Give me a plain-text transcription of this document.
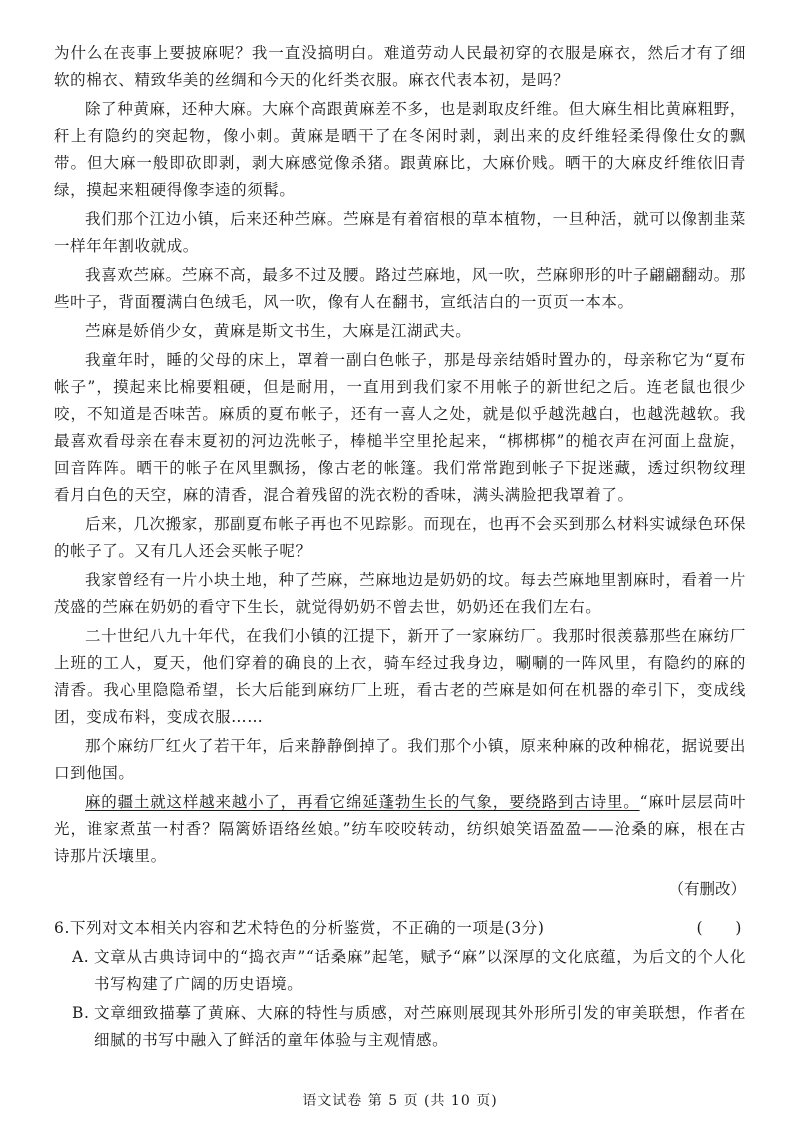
为什么在丧事上要披麻呢？我一直没搞明白。难道劳动人民最初穿的衣服是麻衣，然后才有了细软的棉衣、精致华美的丝绸和今天的化纤类衣服。麻衣代表本初，是吗？

除了种黄麻，还种大麻。大麻个高跟黄麻差不多，也是剥取皮纤维。但大麻生相比黄麻粗野，秆上有隐约的突起物，像小刺。黄麻是晒干了在冬闲时剥，剥出来的皮纤维轻柔得像仕女的飘带。但大麻一般即砍即剥，剥大麻感觉像杀猪。跟黄麻比，大麻价贱。晒干的大麻皮纤维依旧青绿，摸起来粗硬得像李逵的须髯。

我们那个江边小镇，后来还种苎麻。苎麻是有着宿根的草本植物，一旦种活，就可以像割韭菜一样年年割收就成。

我喜欢苎麻。苎麻不高，最多不过及腰。路过苎麻地，风一吹，苎麻卵形的叶子翩翩翻动。那些叶子，背面覆满白色绒毛，风一吹，像有人在翻书，宣纸洁白的一页页一本本。

苎麻是娇俏少女，黄麻是斯文书生，大麻是江湖武夫。

我童年时，睡的父母的床上，罩着一副白色帐子，那是母亲结婚时置办的，母亲称它为“夏布帐子”，摸起来比棉要粗硬，但是耐用，一直用到我们家不用帐子的新世纪之后。连老鼠也很少咬，不知道是否味苦。麻质的夏布帐子，还有一喜人之处，就是似乎越洗越白，也越洗越软。我最喜欢看母亲在春末夏初的河边洗帐子，棒槌半空里抡起来，“梆梆梆”的槌衣声在河面上盘旋，回音阵阵。晒干的帐子在风里飘扬，像古老的帐篷。我们常常跑到帐子下捉迷藏，透过织物纹理看月白色的天空，麻的清香，混合着残留的洗衣粉的香味，满头满脸把我罩着了。

后来，几次搬家，那副夏布帐子再也不见踪影。而现在，也再不会买到那么材料实诚绿色环保的帐子了。又有几人还会买帐子呢？

我家曾经有一片小块土地，种了苎麻，苎麻地边是奶奶的坟。每去苎麻地里割麻时，看着一片茂盛的苎麻在奶奶的看守下生长，就觉得奶奶不曾去世，奶奶还在我们左右。

二十世纪八九十年代，在我们小镇的江提下，新开了一家麻纺厂。我那时很羡慕那些在麻纺厂上班的工人，夏天，他们穿着的确良的上衣，骑车经过我身边，唰唰的一阵风里，有隐约的麻的清香。我心里隐隐希望，长大后能到麻纺厂上班，看古老的苎麻是如何在机器的牵引下，变成线团，变成布料，变成衣服……

那个麻纺厂红火了若干年，后来静静倒掉了。我们那个小镇，原来种麻的改种棉花，据说要出口到他国。

麻的疆土就这样越来越小了，再看它绵延蓬勃生长的气象，要绕路到古诗里。“麻叶层层苘叶光，谁家煮茧一村香？隔篱娇语络丝娘。”纺车咬咬转动，纺织娘笑语盈盈——沧桑的麻，根在古诗那片沃壤里。

（有删改）
6.下列对文本相关内容和艺术特色的分析鉴赏，不正确的一项是(3分)	(　　)
A. 文章从古典诗词中的“捣衣声”“话桑麻”起笔，赋予“麻”以深厚的文化底蕴，为后文的个人化书写构建了广阔的历史语境。
B. 文章细致描摹了黄麻、大麻的特性与质感，对苎麻则展现其外形所引发的审美联想，作者在细腻的书写中融入了鲜活的童年体验与主观情感。
语文试卷 第 5 页 (共 10 页)
